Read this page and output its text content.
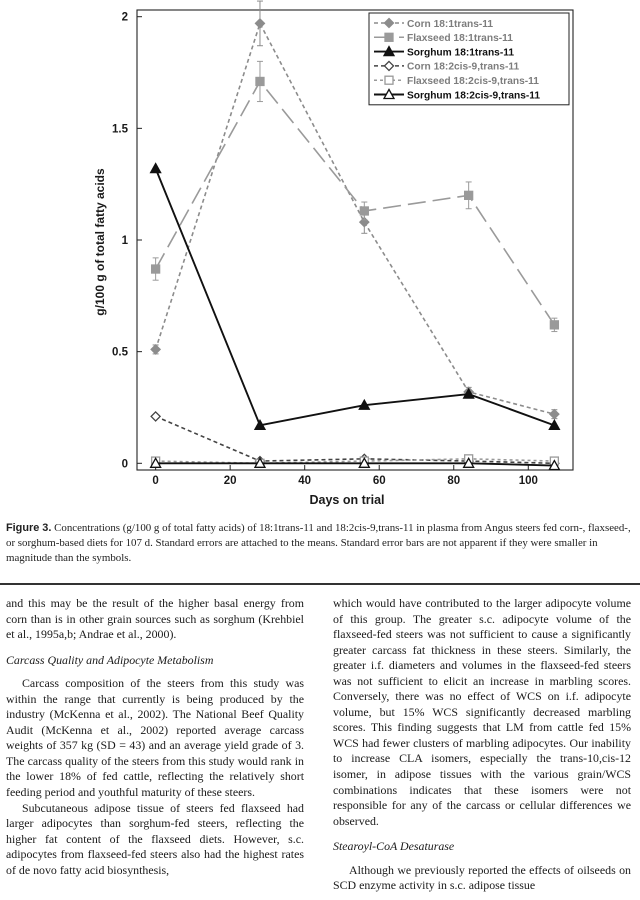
0	20	40	60	80	100
0
0.5
1
1.5
2
Corn 18:1trans-11
Flaxseed 18:1trans-11
Sorghum 18:1trans-11
Corn 18:2cis-9,trans-11
Flaxseed 18:2cis-9,trans-11
Sorghum 18:2cis-9,trans-11
Days on trial
g/100 g of total fatty acids
Figure 3. Concentrations (g/100 g of total fatty acids) of 18:1trans-11 and 18:2cis-9,trans-11 in plasma from Angus steers fed corn-, flaxseed-, or sorghum-based diets for 107 d. Standard errors are attached to the means. Standard error bars are not apparent if they were smaller in magnitude than the symbols.

and this may be the result of the higher basal energy from corn than is in other grain sources such as sorghum (Krehbiel et al., 1995a,b; Andrae et al., 2000).

Carcass Quality and Adipocyte Metabolism

Carcass composition of the steers from this study was within the range that currently is being produced by the industry (McKenna et al., 2002). The National Beef Quality Audit (McKenna et al., 2002) reported average carcass weights of 357 kg (SD = 43) and an average yield grade of 3. The carcass quality of the steers from this study would rank in the lower 18% of fed cattle, reflecting the relatively short feeding period and youthful maturity of these steers.

Subcutaneous adipose tissue of steers fed flaxseed had larger adipocytes than sorghum-fed steers, reflecting the higher fat content of the flaxseed diets. However, s.c. adipocytes from flaxseed-fed steers also had the highest rates of de novo fatty acid biosynthesis,

which would have contributed to the larger adipocyte volume of this group. The greater s.c. adipocyte volume of the flaxseed-fed steers was not sufficient to cause a significantly greater carcass fat thickness in these steers. Similarly, the greater i.f. diameters and volumes in the flaxseed-fed steers was not sufficient to elicit an increase in marbling scores. Conversely, there was no effect of WCS on i.f. adipocyte volume, but 15% WCS significantly decreased marbling scores. This finding suggests that LM from cattle fed 15% WCS had fewer clusters of marbling adipocytes. Our inability to increase CLA isomers, especially the trans-10,cis-12 isomer, in adipose tissues with the various grain/WCS combinations indicates that these isomers were not responsible for any of the carcass or cellular differences we observed.

Stearoyl-CoA Desaturase

Although we previously reported the effects of oilseeds on SCD enzyme activity in s.c. adipose tissue
